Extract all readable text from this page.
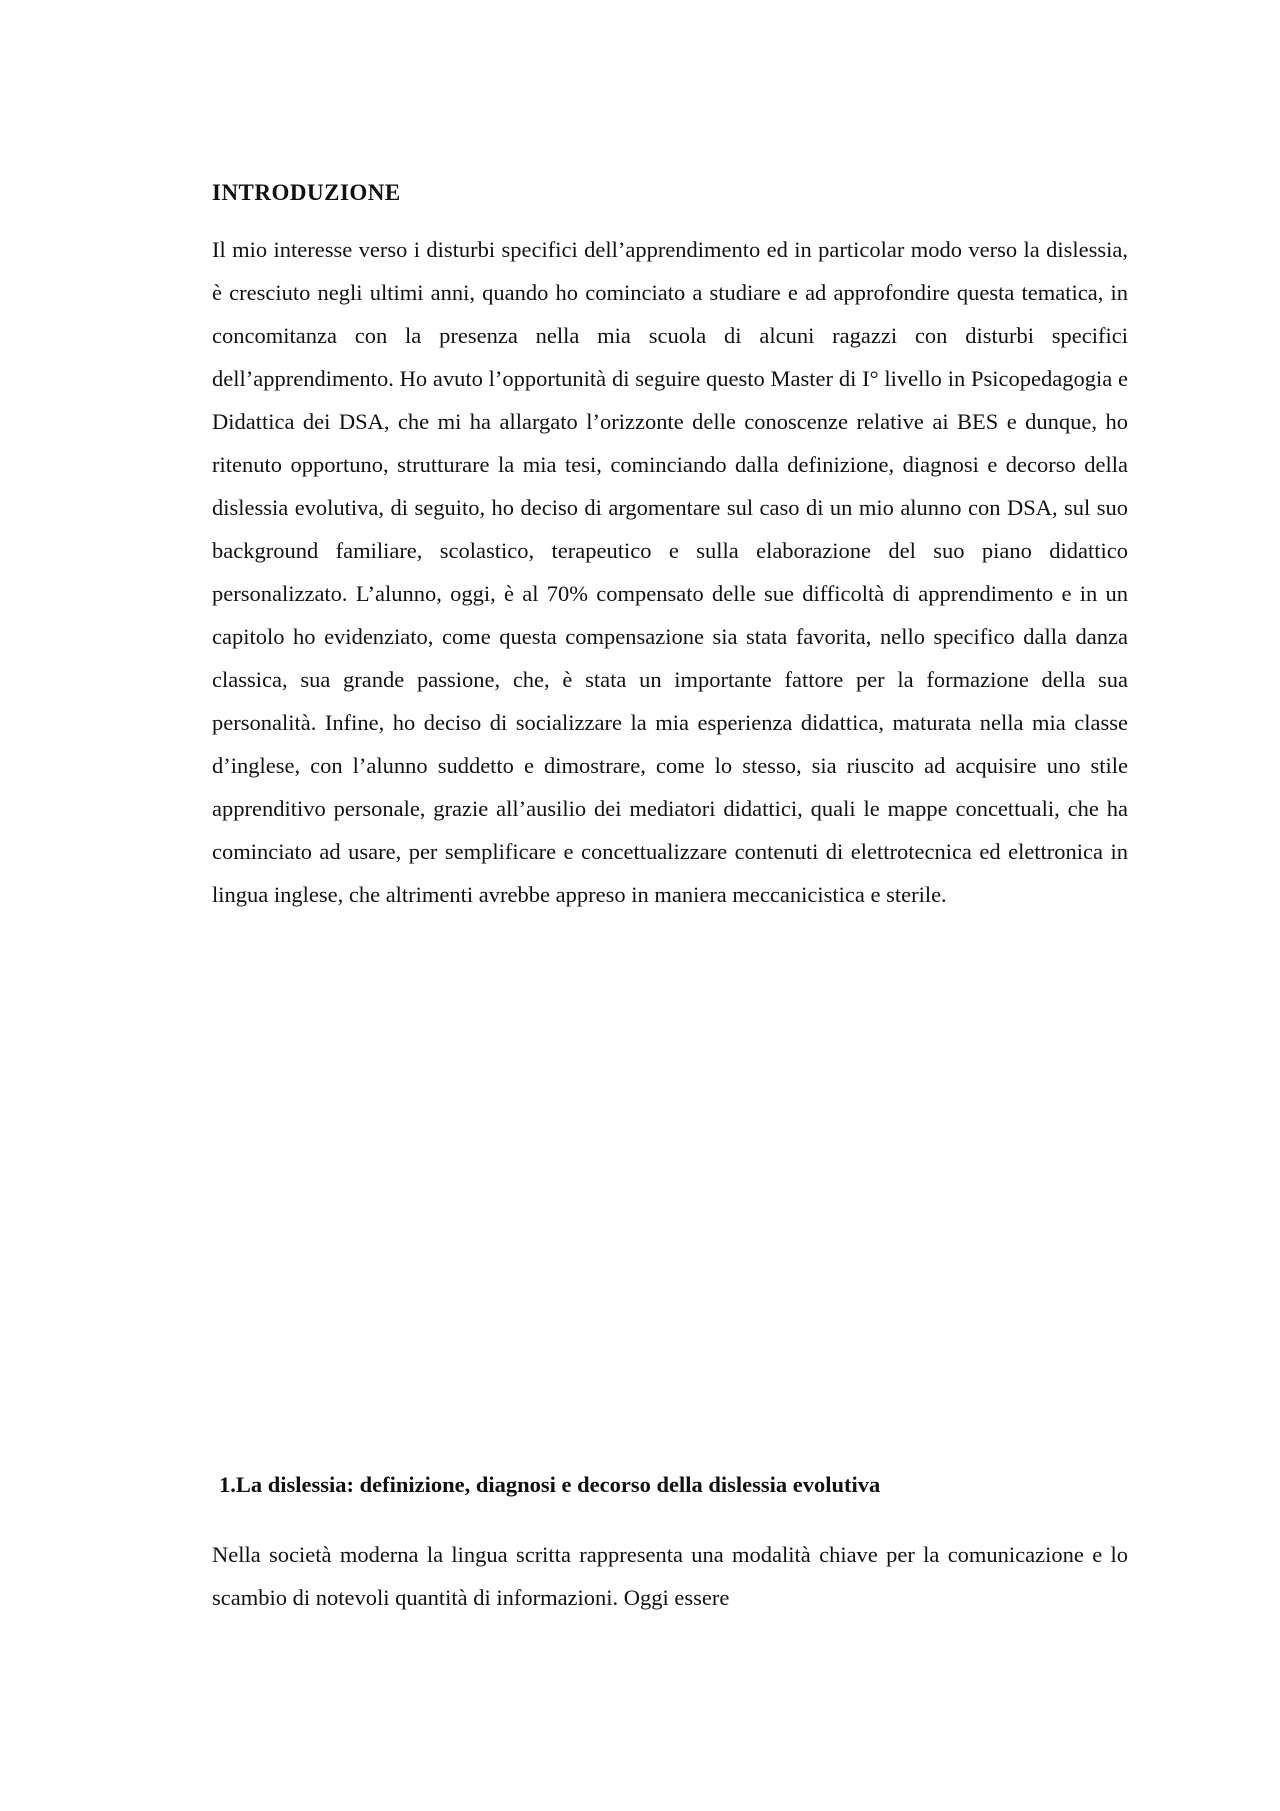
INTRODUZIONE

Il mio interesse verso i disturbi specifici dell’apprendimento ed in particolar modo verso la dislessia, è cresciuto negli ultimi anni, quando ho cominciato a studiare e ad approfondire questa tematica, in concomitanza con la presenza nella mia scuola di alcuni ragazzi con disturbi specifici dell’apprendimento. Ho avuto l’opportunità di seguire questo Master di I° livello in Psicopedagogia e Didattica dei DSA, che mi ha allargato l’orizzonte delle conoscenze relative ai BES e dunque, ho ritenuto opportuno, strutturare la mia tesi, cominciando dalla definizione, diagnosi e decorso della dislessia evolutiva, di seguito, ho deciso di argomentare sul caso di un mio alunno con DSA, sul suo background familiare, scolastico, terapeutico e sulla elaborazione del suo piano didattico personalizzato. L’alunno, oggi, è al 70% compensato delle sue difficoltà di apprendimento e in un capitolo ho evidenziato, come questa compensazione sia stata favorita, nello specifico dalla danza classica, sua grande passione, che, è stata un importante fattore per la formazione della sua personalità. Infine, ho deciso di socializzare la mia esperienza didattica, maturata nella mia classe d’inglese, con l’alunno suddetto e dimostrare, come lo stesso, sia riuscito ad acquisire uno stile apprenditivo personale, grazie all’ausilio dei mediatori didattici, quali le mappe concettuali, che ha cominciato ad usare, per semplificare e concettualizzare contenuti di elettrotecnica ed elettronica in lingua inglese, che altrimenti avrebbe appreso in maniera meccanicistica e sterile.

1.La dislessia: definizione, diagnosi e decorso della dislessia evolutiva

Nella società moderna la lingua scritta rappresenta una modalità chiave per la comunicazione e lo scambio di notevoli quantità di informazioni. Oggi essere
